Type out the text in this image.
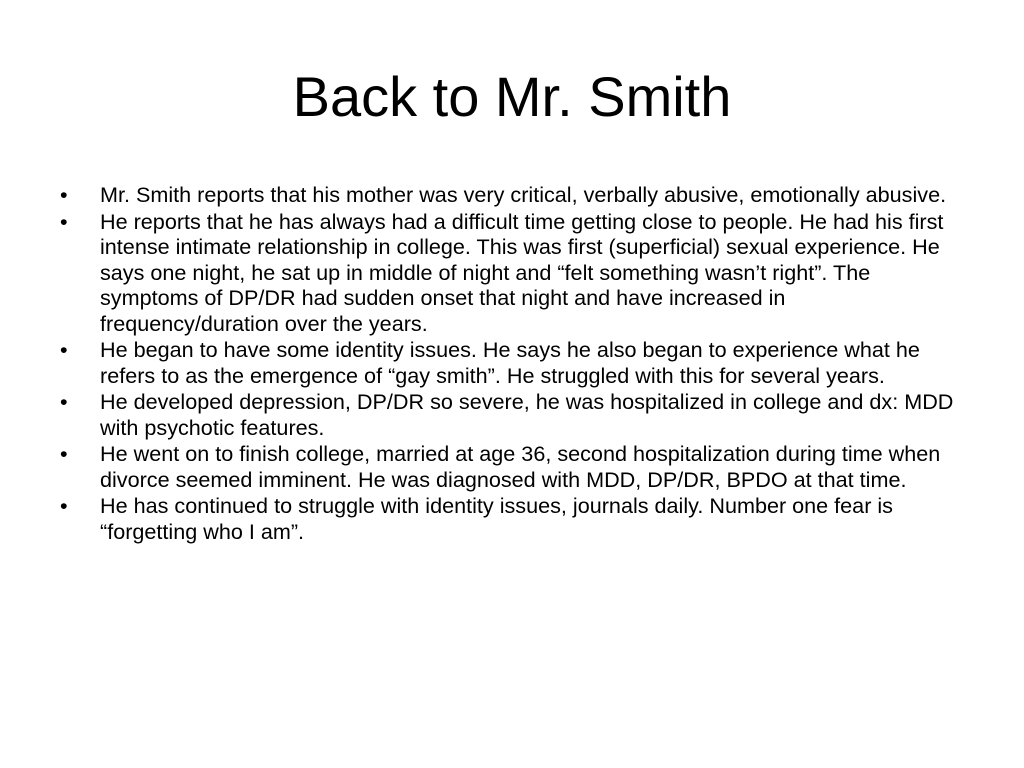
Back to Mr. Smith
•	Mr. Smith reports that his mother was very critical, verbally abusive, emotionally abusive.
•	He reports that he has always had a difficult time getting close to people. He had his first intense intimate relationship in college. This was first (superficial) sexual experience. He says one night, he sat up in middle of night and “felt something wasn’t right”. The symptoms of DP/DR had sudden onset that night and have increased in frequency/duration over the years.
•	He began to have some identity issues. He says he also began to experience what he refers to as the emergence of “gay smith”. He struggled with this for several years.
•	He developed depression, DP/DR so severe, he was hospitalized in college and dx: MDD with psychotic features.
•	He went on to finish college, married at age 36, second hospitalization during time when divorce seemed imminent. He was diagnosed with MDD, DP/DR, BPDO at that time.
•	He has continued to struggle with identity issues, journals daily. Number one fear is “forgetting who I am”.
